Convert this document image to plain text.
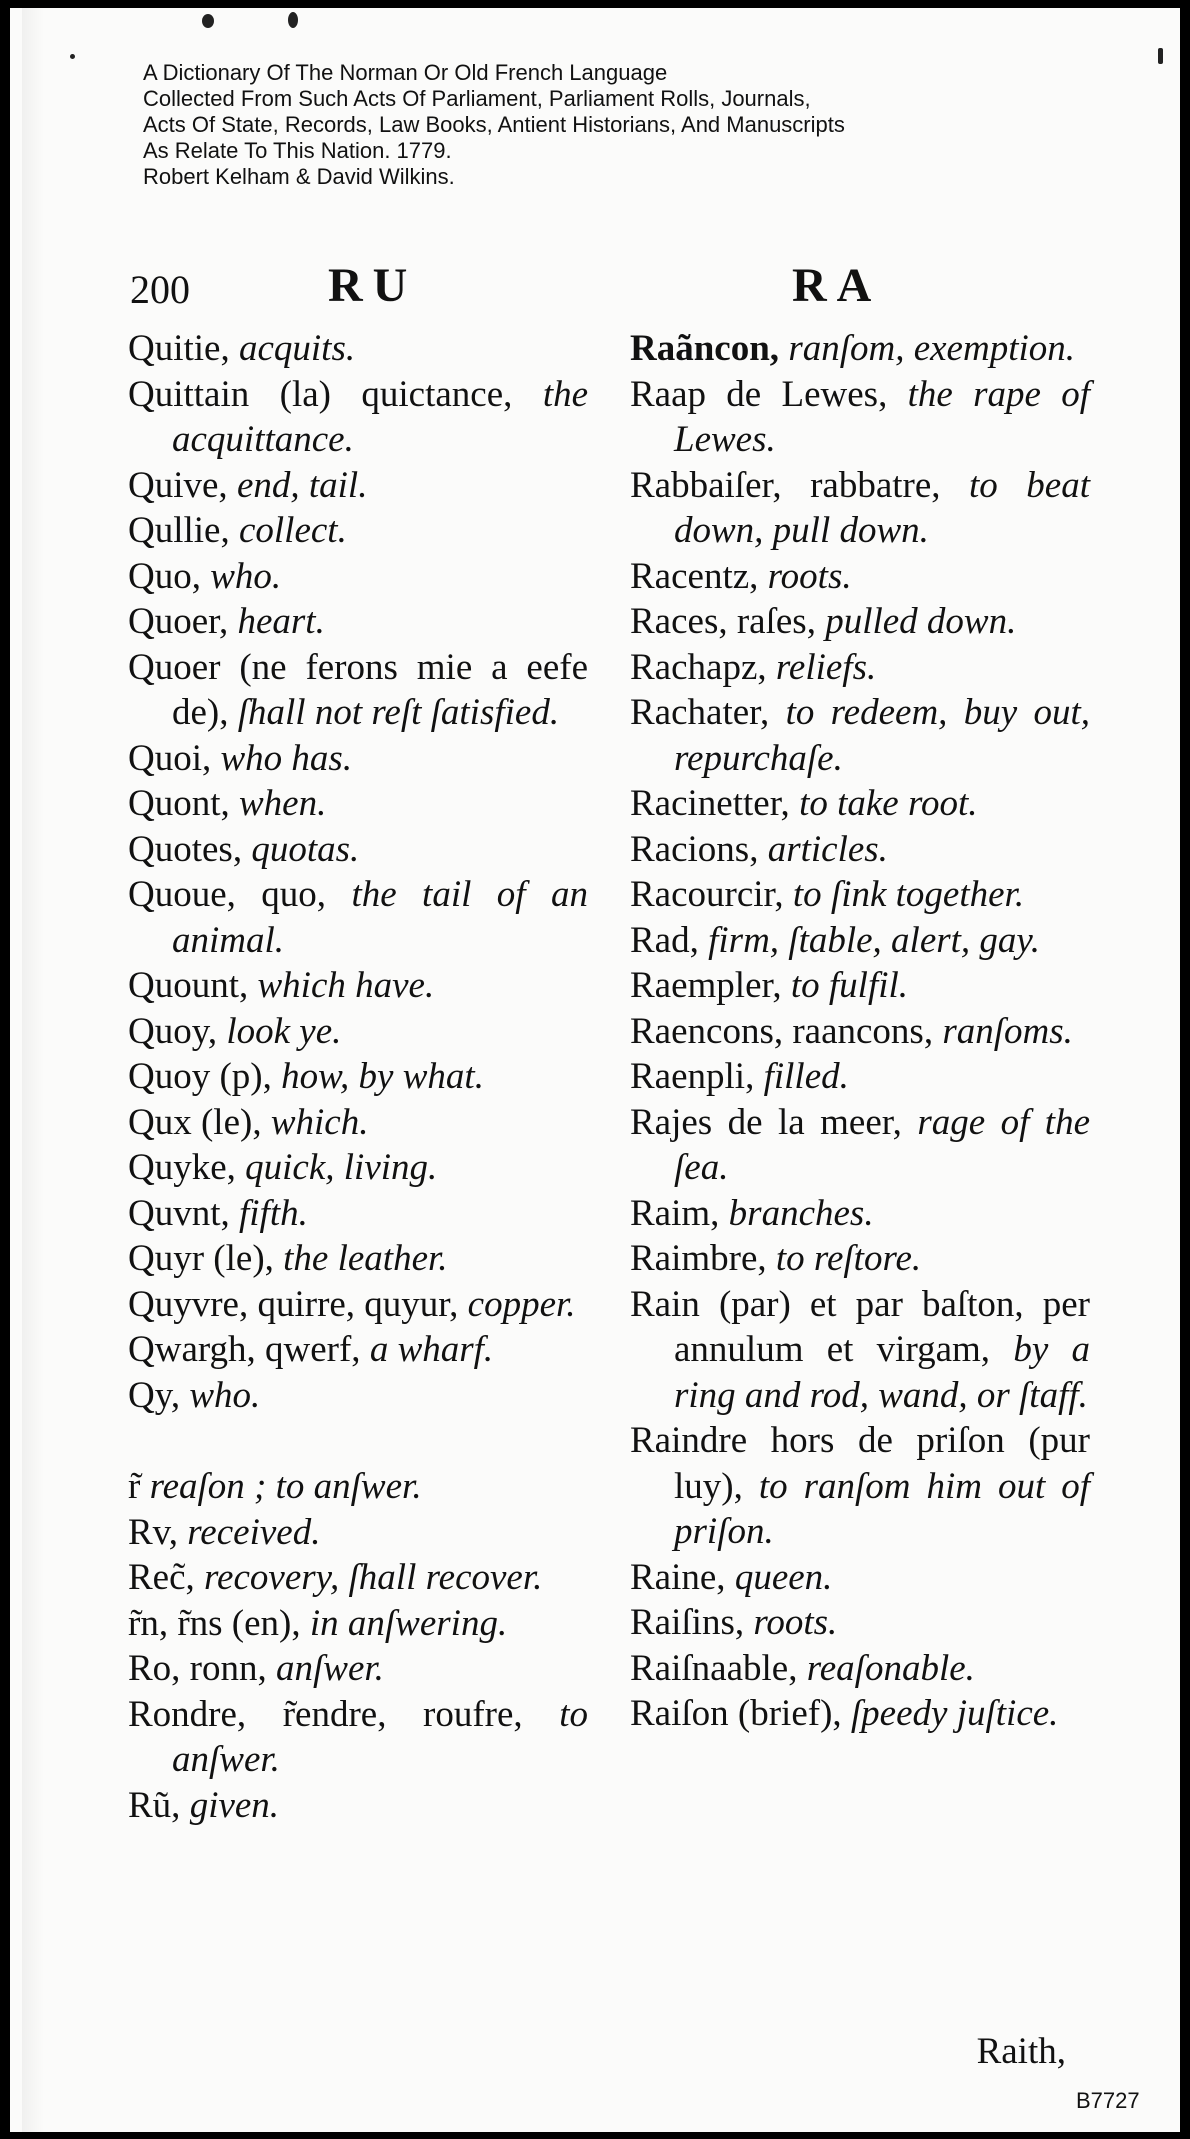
A Dictionary Of The Norman Or Old French Language
Collected From Such Acts Of Parliament, Parliament Rolls, Journals,
Acts Of State, Records, Law Books, Antient Historians, And Manuscripts
As Relate To This Nation. 1779.
Robert Kelham & David Wilkins.
200	RU	RA
Quitie, acquits.
Quittain (la) quictance, the acquittance.
Quive, end, tail.
Qullie, collect.
Quo, who.
Quoer, heart.
Quoer (ne ferons mie a eefe de), ſhall not reſt ſatisfied.
Quoi, who has.
Quont, when.
Quotes, quotas.
Quoue, quo, the tail of an animal.
Quount, which have.
Quoy, look ye.
Quoy (p), how, by what.
Qux (le), which.
Quyke, quick, living.
Quvnt, fifth.
Quyr (le), the leather.
Quyvre, quirre, quyur, copper.
Qwargh, qwerf, a wharf.
Qy, who.
r̃ reaſon ; to anſwer.
Rv, received.
Rec̃, recovery, ſhall recover.
r̃n, r̃ns (en), in anſwering.
Ro, ronn, anſwer.
Rondre, r̃endre, roufre, to anſwer.
Rũ, given.
Raãncon, ranſom, exemption.
Raap de Lewes, the rape of Lewes.
Rabbaiſer, rabbatre, to beat down, pull down.
Racentz, roots.
Races, raſes, pulled down.
Rachapz, reliefs.
Rachater, to redeem, buy out, repurchaſe.
Racinetter, to take root.
Racions, articles.
Racourcir, to ſink together.
Rad, firm, ſtable, alert, gay.
Raempler, to fulfil.
Raencons, raancons, ranſoms.
Raenpli, filled.
Rajes de la meer, rage of the ſea.
Raim, branches.
Raimbre, to reſtore.
Rain (par) et par baſton, per annulum et virgam, by a ring and rod, wand, or ſtaff.
Raindre hors de priſon (pur luy), to ranſom him out of priſon.
Raine, queen.
Raiſins, roots.
Raiſnaable, reaſonable.
Raiſon (brief), ſpeedy juſtice.
Raith,
B7727
